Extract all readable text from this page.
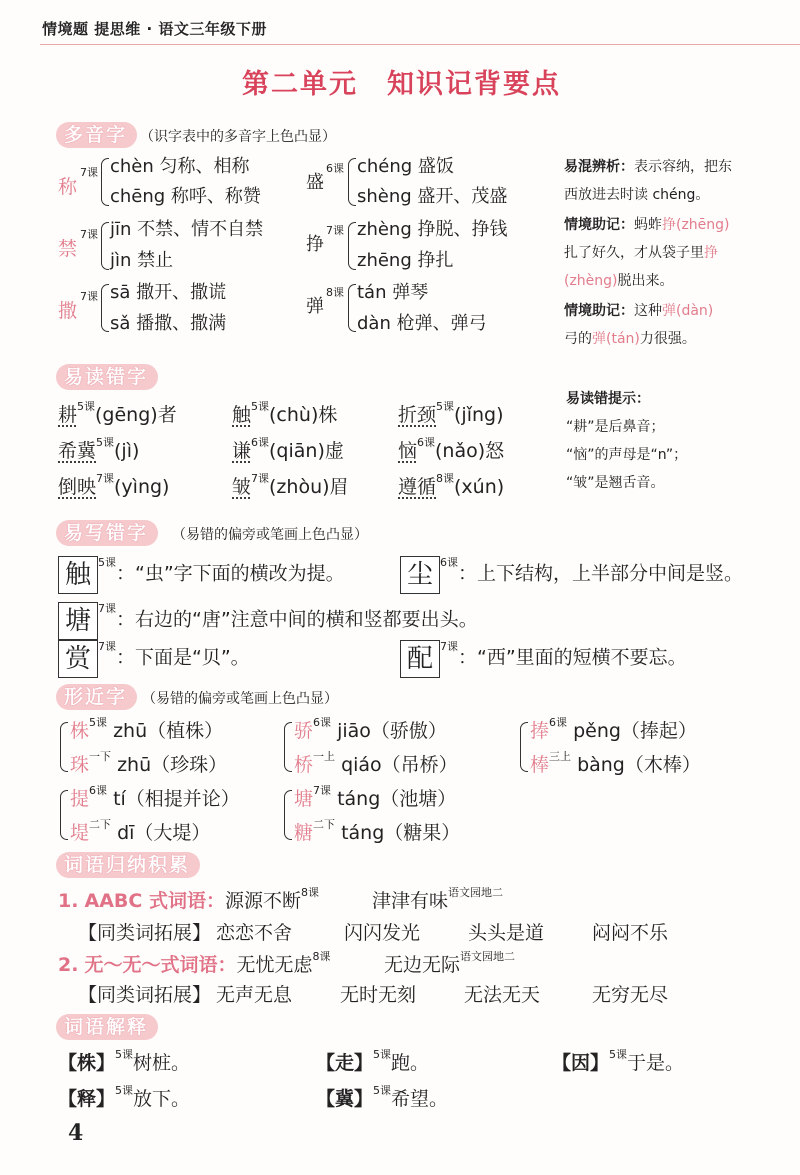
情境题 提思维 · 语文三年级下册
第二单元　知识记背要点
多音字 （识字表中的多音字上色凸显）
称
$^{7课}$ chèn 匀称、相称
chēng 称呼、称赞
盛
$^{6课}$ chéng 盛饭
shèng 盛开、茂盛
禁
$^{7课}$ jīn 不禁、情不自禁
jìn 禁止
挣
$^{7课}$ zhèng 挣脱、挣钱
zhēng 挣扎
撒
$^{7课}$ sā 撒开、撒谎
sǎ 播撒、撒满
弹
$^{8课}$ tán 弹琴
dàn 枪弹、弹弓
易混辨析：表示容纳，把东
西放进去时读 chéng。
情境助记：蚂蚱挣(zhēng)
扎了好久，才从袋子里挣
(zhèng)脱出来。
情境助记：这种弹(dàn)
弓的弹(tán)力很强。
易读错字
耕$^{5课}$(gēng)者	触$^{5课}$(chù)株	折颈$^{5课}$(jǐng)
希冀$^{5课}$(jì)	谦$^{6课}$(qiān)虚	恼$^{6课}$(nǎo)怒
倒映$^{7课}$(yìng)	皱$^{7课}$(zhòu)眉	遵循$^{8课}$(xún)
易读错提示：
“耕”是后鼻音；
“恼”的声母是“n”；
“皱”是翘舌音。
易写错字	（易错的偏旁或笔画上色凸显）
触 $^{5课}$：“虫”字下面的横改为提。 尘 $^{6课}$：上下结构，上半部分中间是竖。
塘 $^{7课}$：右边的“唐”注意中间的横和竖都要出头。
赏 $^{7课}$：下面是“贝”。	配 $^{7课}$：“西”里面的短横不要忘。
形近字	（易错的偏旁或笔画上色凸显）
株$^{5课}$ zhū（植株）
珠$^{一下}$ zhū（珍珠）
骄$^{6课}$ jiāo（骄傲）
桥$^{一上}$ qiáo（吊桥）
捧$^{6课}$ pěng（捧起）
棒$^{三上}$ bàng（木棒）
提$^{6课}$ tí（相提并论）
堤$^{二下}$ dī（大堤）
塘$^{7课}$ táng（池塘）
糖$^{二下}$ táng（糖果）
词语归纳积累
1. AABC 式词语：源源不断$^{8课}$	津津有味$^{语文园地二}$
【同类词拓展】 恋恋不舍	闪闪发光	头头是道	闷闷不乐
2. 无～无～式词语：无忧无虑$^{8课}$	无边无际$^{语文园地二}$
【同类词拓展】 无声无息	无时无刻	无法无天	无穷无尽
词语解释
【株】$^{5课}$树桩。	【走】$^{5课}$跑。	【因】$^{5课}$于是。
【释】$^{5课}$放下。	【冀】$^{5课}$希望。
4
